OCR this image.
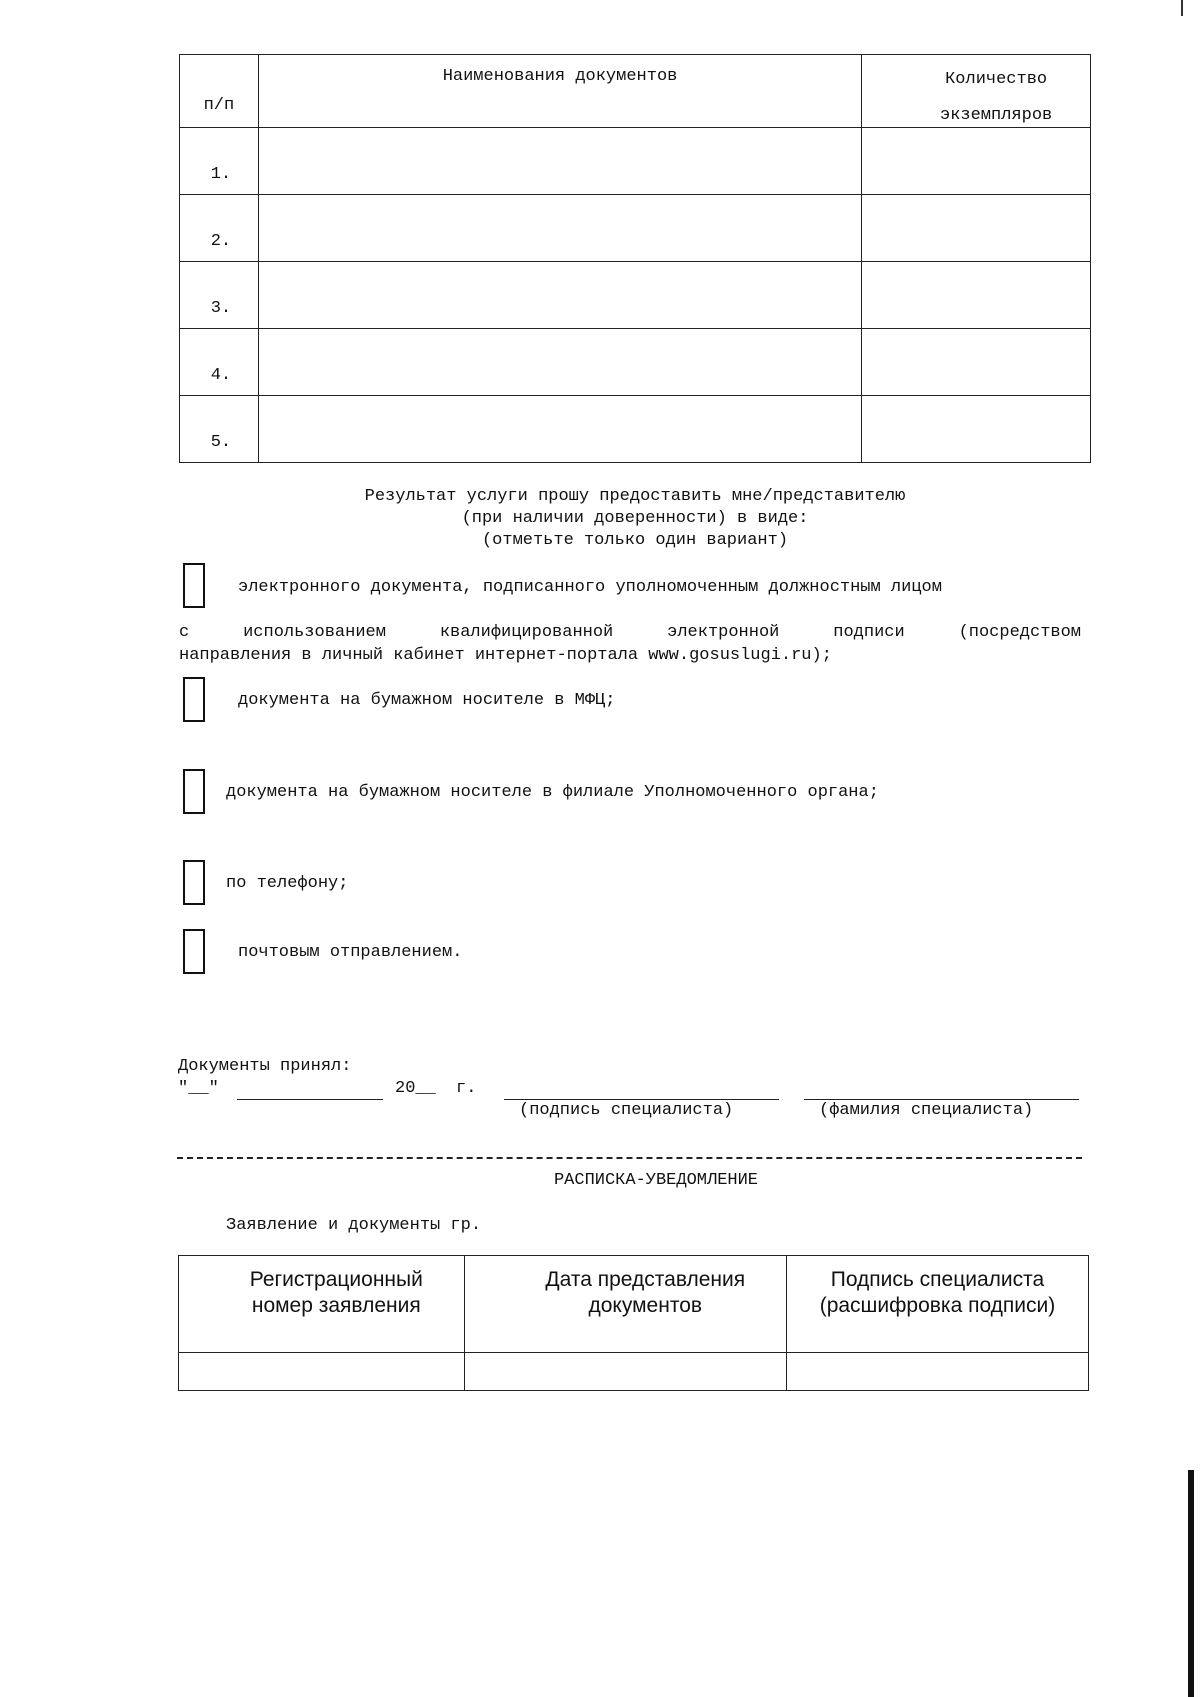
п/п	Наименования документов	Количество
экземпляров

1.		
2.		
3.		
4.		
5.		
Результат услуги прошу предоставить мне/представителю
(при наличии доверенности) в виде:
(отметьте только один вариант)
электронного документа, подписанного уполномоченным должностным лицом
с использованием квалифицированной электронной подписи (посредством
направления в личный кабинет интернет-портала www.gosuslugi.ru);
документа на бумажном носителе в МФЦ;
документа на бумажном носителе в филиале Уполномоченного органа;
по телефону;
почтовым отправлением.
Документы принял:
"__"	20__ г.
(подпись специалиста)	(фамилия специалиста)
РАСПИСКА-УВЕДОМЛЕНИЕ
Заявление и документы гр.
Регистрационный номер заявления	Дата представления документов	Подпись специалиста (расшифровка подписи)
